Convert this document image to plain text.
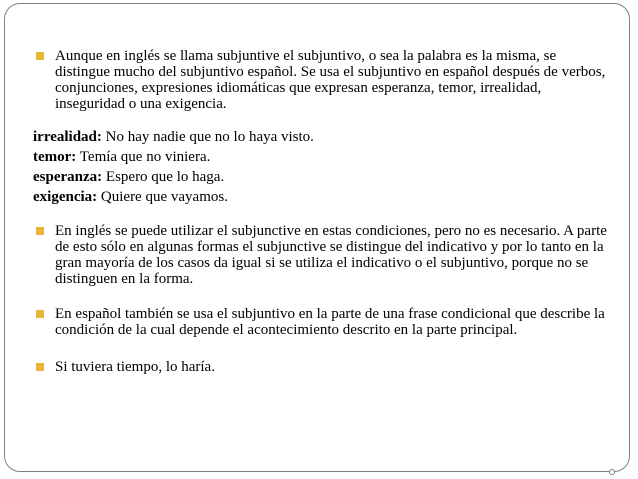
Aunque en inglés se llama subjuntive el subjuntivo, o sea la palabra es la misma, se distingue mucho del subjuntivo español. Se usa el subjuntivo en español después de verbos, conjunciones, expresiones idiomáticas que expresan esperanza, temor, irrealidad, inseguridad o una exigencia.
irrealidad: No hay nadie que no lo haya visto.
temor: Temía que no viniera.
esperanza: Espero que lo haga.
exigencia: Quiere que vayamos.
En inglés se puede utilizar el subjunctive en estas condiciones, pero no es necesario. A parte de esto sólo en algunas formas el subjunctive se distingue del indicativo y por lo tanto en la gran mayoría de los casos da igual si se utiliza el indicativo o el subjuntivo, porque no se distinguen en la forma.
En español también se usa el subjuntivo en la parte de una frase condicional que describe la condición de la cual depende el acontecimiento descrito en la parte principal.
Si tuviera tiempo, lo haría.
